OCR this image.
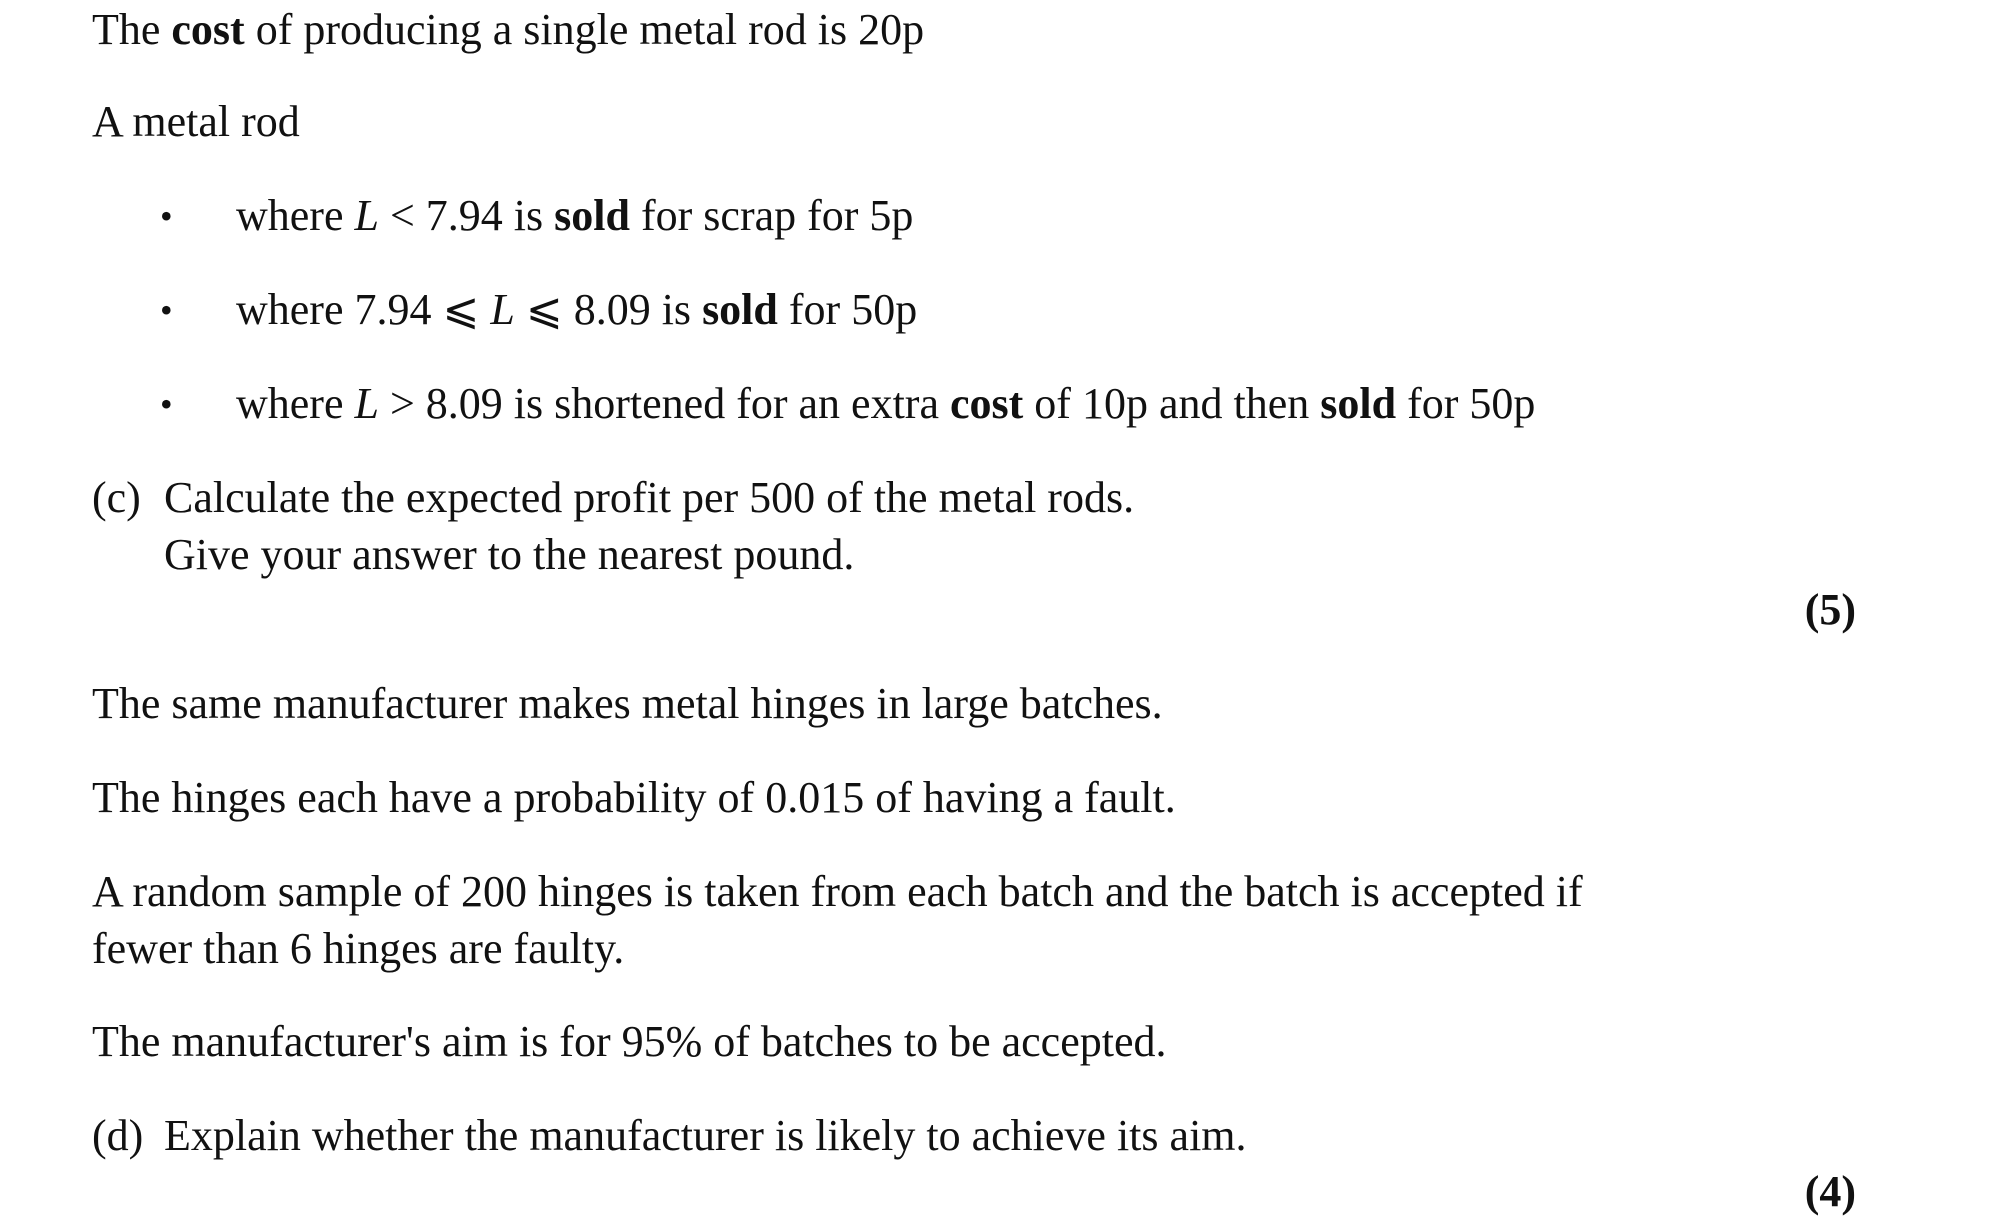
The cost of producing a single metal rod is 20p
A metal rod
• where L < 7.94 is sold for scrap for 5p
• where 7.94 ⩽ L ⩽ 8.09 is sold for 50p
• where L > 8.09 is shortened for an extra cost of 10p and then sold for 50p
(c) Calculate the expected profit per 500 of the metal rods.
Give your answer to the nearest pound.
(5)
The same manufacturer makes metal hinges in large batches.
The hinges each have a probability of 0.015 of having a fault.
A random sample of 200 hinges is taken from each batch and the batch is accepted if
fewer than 6 hinges are faulty.
The manufacturer's aim is for 95% of batches to be accepted.
(d) Explain whether the manufacturer is likely to achieve its aim.
(4)
